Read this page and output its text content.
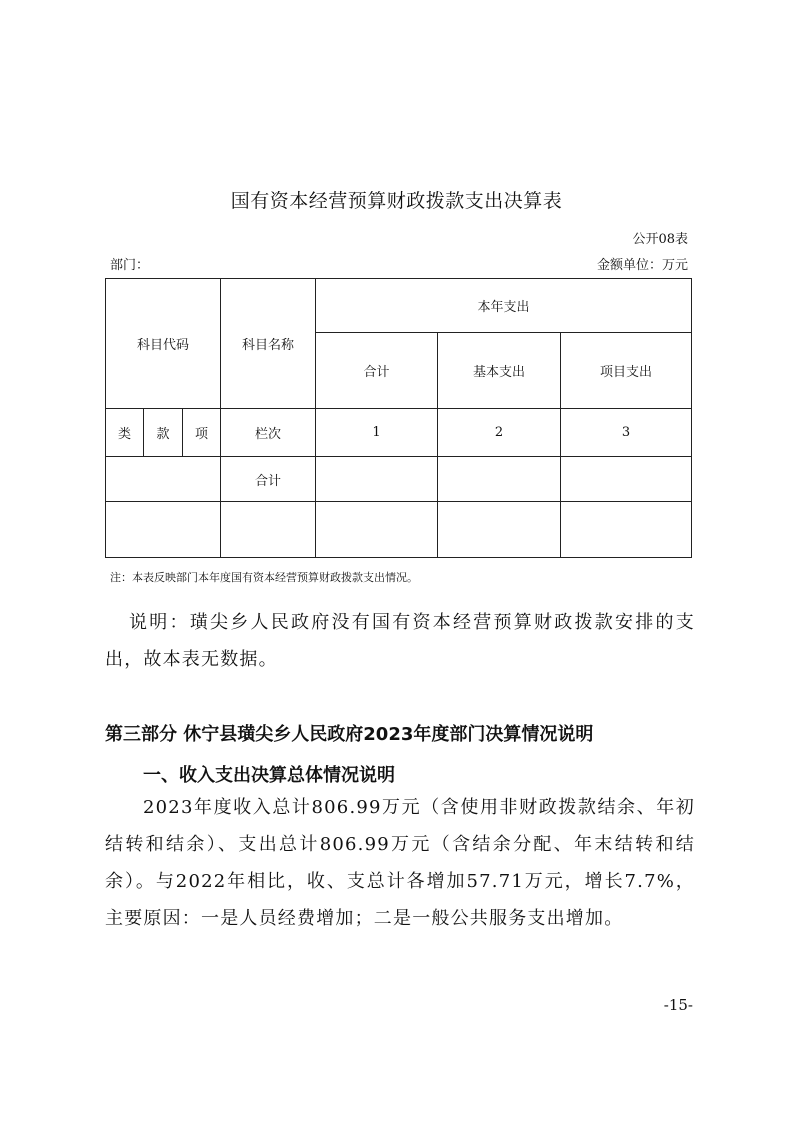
国有资本经营预算财政拨款支出决算表
公开08表
部门：	金额单位：万元
科目代码			科目名称	本年支出		
				合计	基本支出	项目支出
类	款	项	栏次	1	2	3
			合计			

注：本表反映部门本年度国有资本经营预算财政拨款支出情况。
说明：璜尖乡人民政府没有国有资本经营预算财政拨款安排的支出，故本表无数据。
第三部分 休宁县璜尖乡人民政府2023年度部门决算情况说明
一、收入支出决算总体情况说明
2023年度收入总计806.99万元（含使用非财政拨款结余、年初结转和结余）、支出总计806.99万元（含结余分配、年末结转和结余）。与2022年相比，收、支总计各增加57.71万元，增长7.7%，主要原因：一是人员经费增加；二是一般公共服务支出增加。
-15-
